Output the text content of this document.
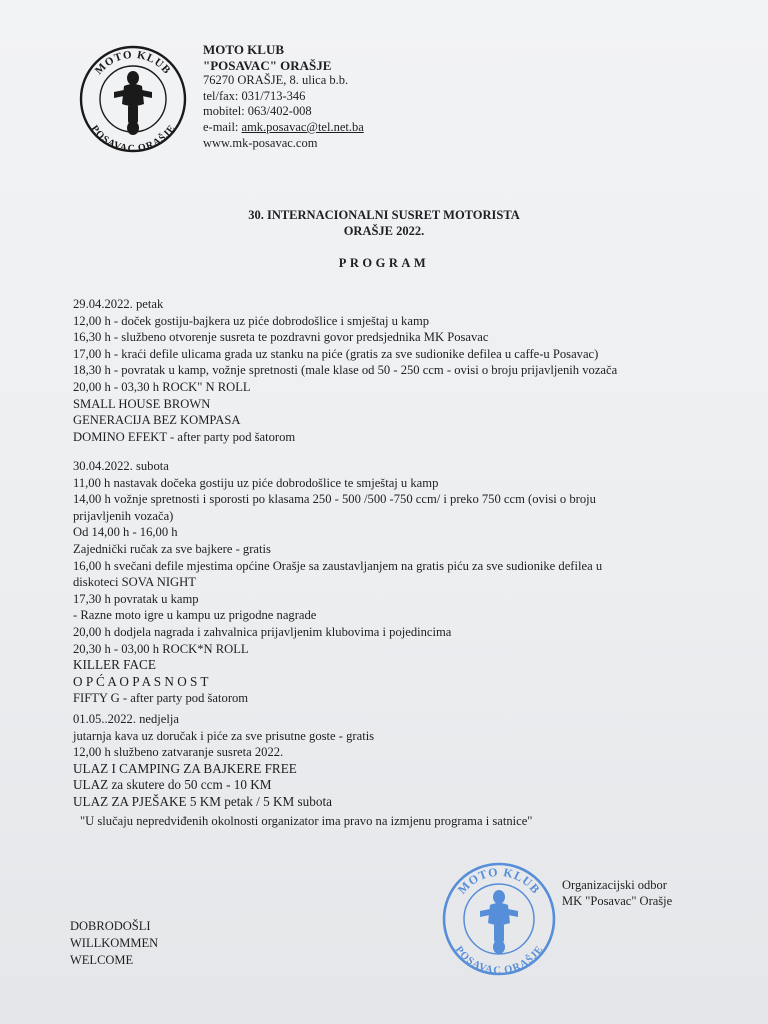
MOTO KLUB
POSAVAC ORAŠJE
MOTO KLUB
"POSAVAC" ORAŠJE
76270 ORAŠJE, 8. ulica b.b.
tel/fax: 031/713-346
mobitel: 063/402-008
e-mail: amk.posavac@tel.net.ba
www.mk-posavac.com
30. INTERNACIONALNI SUSRET MOTORISTA
ORAŠJE 2022.
PROGRAM
29.04.2022. petak
12,00 h - doček gostiju-bajkera uz piće dobrodošlice i smještaj u kamp
16,30 h - službeno otvorenje susreta te pozdravni govor predsjednika MK Posavac
17,00 h - kraći defile ulicama grada uz stanku na piće (gratis za sve sudionike defilea u caffe-u Posavac)
18,30 h - povratak u kamp, vožnje spretnosti (male klase od 50 - 250 ccm - ovisi o broju prijavljenih vozača
20,00 h - 03,30 h ROCK" N ROLL
SMALL HOUSE BROWN
GENERACIJA BEZ KOMPASA
DOMINO EFEKT - after party pod šatorom
30.04.2022. subota
11,00 h nastavak dočeka gostiju uz piće dobrodošlice te smještaj u kamp
14,00 h vožnje spretnosti i sporosti po klasama 250 - 500 /500 -750 ccm/ i preko 750 ccm (ovisi o broju
prijavljenih vozača)
Od 14,00 h - 16,00 h
Zajednički ručak za sve bajkere - gratis
16,00 h svečani defile mjestima općine Orašje sa zaustavljanjem na gratis piću za sve sudionike defilea u
diskoteci SOVA NIGHT
17,30 h povratak u kamp
- Razne moto igre u kampu uz prigodne nagrade
20,00 h dodjela nagrada i zahvalnica prijavljenim klubovima i pojedincima
20,30 h - 03,00 h ROCK*N ROLL
KILLER FACE
O P Ć A O P A S N O S T
FIFTY G - after party pod šatorom
01.05..2022. nedjelja
jutarnja kava uz doručak i piće za sve prisutne goste - gratis
12,00 h službeno zatvaranje susreta 2022.
ULAZ I CAMPING ZA BAJKERE FREE
ULAZ za skutere do 50 ccm - 10 KM
ULAZ ZA PJEŠAKE 5 KM petak / 5 KM subota
"U slučaju nepredviđenih okolnosti organizator ima pravo na izmjenu programa i satnice"
MOTO KLUB
POSAVAC ORAŠJE
Organizacijski odbor
MK "Posavac" Orašje
DOBRODOŠLI
WILLKOMMEN
WELCOME
